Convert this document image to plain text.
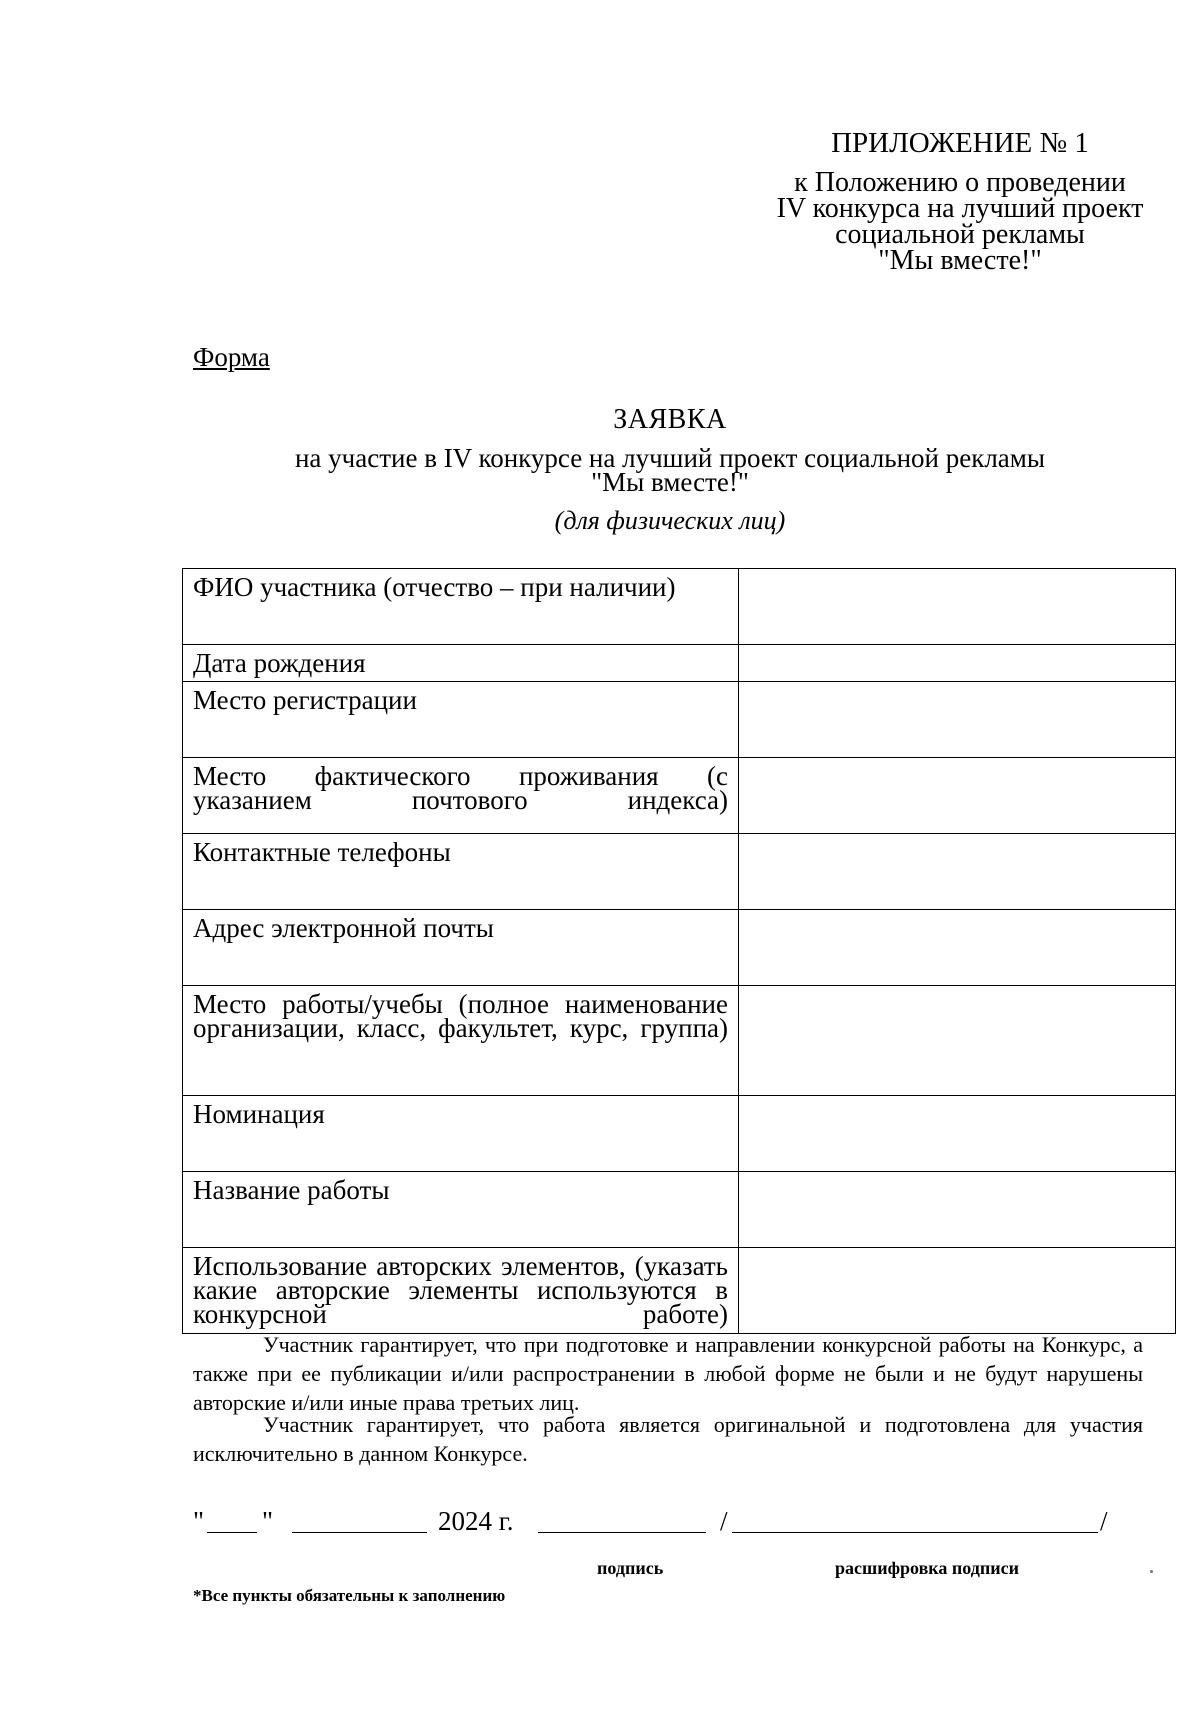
ПРИЛОЖЕНИЕ № 1
к Положению о проведении
IV конкурса на лучший проект
социальной рекламы
"Мы вместе!"
Форма
ЗАЯВКА
на участие в IV конкурсе на лучший проект социальной рекламы
"Мы вместе!"
(для физических лиц)
ФИО участника (отчество – при наличии)	

Дата рождения	

Место регистрации	

Место фактического проживания (с указанием почтового индекса)	

Контактные телефоны	

Адрес электронной почты	

Место работы/учебы (полное наименование организации, класс, факультет, курс, группа)	

Номинация	

Название работы	

Использование авторских элементов, (указать какие авторские элементы используются в конкурсной работе)	

Участник гарантирует, что при подготовке и направлении конкурсной работы на Конкурс, а также при ее публикации и/или распространении в любой форме не были и не будут нарушены авторские и/или иные права третьих лиц.

Участник гарантирует, что работа является оригинальной и подготовлена для участия исключительно в данном Конкурсе.

" "	2024 г.	/	/
подпись	расшифровка подписи
*Все пункты обязательны к заполнению
